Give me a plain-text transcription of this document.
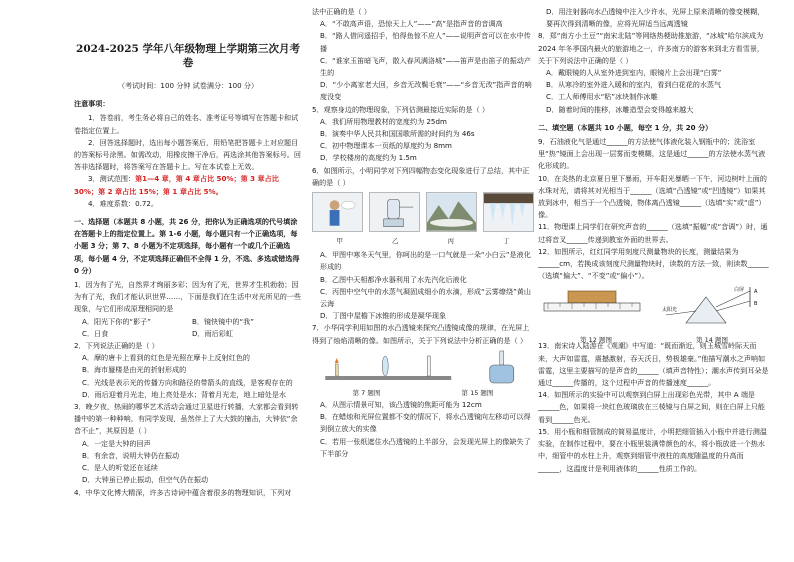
2024-2025 学年八年级物理上学期第三次月考卷
（考试时间：100 分钟 试卷满分：100 分）
注意事项：

1．答卷前，考生务必将自己的姓名、准考证号等填写在答题卡和试卷指定位置上。

2．回答选择题时，选出每小题答案后，用铅笔把答题卡上对应题目的答案标号涂黑。如需改动，用橡皮擦干净后，再选涂其他答案标号。回答非选择题时，将答案写在答题卡上。写在本试卷上无效。

3．测试范围：第1—4 章，第 4 章占比 50%；第 3 章占比 30%；第 2 章占比 15%；第 1 章占比 5%。

4．难度系数：0.72。

一、选择题（本题共 8 小题，共 26 分，把你认为正确选项的代号填涂在答题卡上的指定位置上。第 1-6 小题，每小题只有一个正确选项，每小题 3 分；第 7、8 小题为不定项选择，每小题有一个或几个正确选项，每小题 4 分，不定项选择正确但不全得 1 分，不选、多选或错选得 0 分）

1．因为有了光，自然界才绚丽多彩；因为有了光，世界才生机勃勃；因为有了光，我们才能认识世界……，下面是我们在生活中对光所见的一些现象，与它们形成原理相同的是

A．阳光下你的“影子”	B．镜快镜中的“我”
C．日食	D．雨后彩虹

2．下列说法正确的是（ ）

A．摩的唐卡上看到的红色是光照在摩卡上反射红色的

B．海市蜃楼是由光的折射形成的

C．光线是表示光的传播方向和路径的带箭头的直线，是客观存在的

D．雨后迎着月光走，地上亮处是水；背着月光走，地上暗处是水

3．晚夕夜，热闹的哪华艺术活动会通过卫星进行转播，大家都会看到转播中的第一种种响，有同学发现，虽然伴上了大大鼓的撞击，大钟依“余音不止”，其原因是（ ）

A．一定是大钟的回声

B．有余音，说明大钟仍在振动

C．是人的听觉还在延续

D．大钟虽已停止振动，但空气仍在振动

4．中华文化博大精深，许多古诗词中蕴含着很多的物理知识，下列对

法中正确的是（ ）

A．“不敢高声语，恐惊天上人”——“高”是指声音的音调高

B．“路人借问遥招手，怕得鱼惊不应人”——说明声音可以在水中传播

C．“谁家玉笛暗飞声，散入春风满洛城”——笛声是由笛子的振动产生的

D．“少小离家老大回，乡音无改鬓毛衰”——“乡音无改”指声音的响度没变

5．观察身边的物理现象，下列估测最接近实际的是（ ）

A．我们所用物理教材的宽度约为 25dm

B．演奏中华人民共和国国歌所需的时间约为 46s

C．初中物理课本一页纸的厚度约为 8mm

D．学校楼房的高度约为 1.5m

6．如图所示，小明同学对下列四幅物态变化现象进行了总结，其中正确的是（ ）

甲	乙	丙	丁

A．甲图中寒冬天气里，你呵出的是一口气就是一朵“小白云”是液化形成的

B．乙图中天相都净水器利用了水先汽化后液化

C．丙图中空气中的水蒸气凝固成细小的水滴，形成“云雾缭绕”黄山云海

D．丁图中屋檐下冰锥的形成是凝华现象

7．小华同学利用如图的水凸透镜来探究凸透镜成像的规律，在光屏上得到了烛焰清晰的像。如图所示，关于下列说法中分析正确的是（ ）

第 7 题图	第 15 题图

A．从图示情景可知，该凸透镜的焦距可能为 12cm

B．在蜡烛和光屏位置都不变的情况下，将水凸透镜向左移动可以得到倒立放大的实像

C．若用一张纸遮住水凸透镜的上半部分，会发现光屏上的像缺失了下半部分

D．用注射器向水凸透镜中注入少许水，光屏上原来清晰的像变模糊，要再次得到清晰的像，应将光屏适当远离透镜

8．郑“南方小土豆”“南宋北陆”等网络热梗助推旅游，“冰城”哈尔滨成为 2024 年冬季国内最火的旅游地之一，许多南方的游客来到北方看雪景，关于下列说法中正确的是（ ）

A．戴眼镜的人从室外进到室内，眼镜片上会出现“白雾”

B．从寒冷的室外进入暖和的室内，看到白花花的水蒸气

C．工人师傅用水“粘”冰块制作冰雕

D．随着时间的推移，冰雕造型会变得越来越大

二、填空题（本题共 10 小题，每空 1 分，共 20 分）

9．石油液化气是通过______的方法使气体液化装入钢瓶中的；洗浴室里“热”镜面上会出现一层雾而变模糊，这是通过______的方法使水蒸气液化形成的。

10．在炎热的北京夏日里下暴雨，开车阳光暴晒一下午，河边树叶上面的水珠对光，请将其对光相当于______（选填“凸透镜”或“凹透镜”）如果其放到冰中，相当于一个凸透镜，物体离凸透镜______（选填“实”或“虚”）像。

11．物理课上同学们在研究声音的______（选填“振幅”或“音调”）时，通过将音叉______传递到教室外面的世界去。

12．如图所示，红红同学用刻度尺测量物块的长度，测量结果为______cm，若换成该刻度尺测量物块时，读数的方法一致，则读数______（选填“偏大”、“不变”或“偏小”）。

白屏 A
太阳光
B
第 12 题图	第 14 题图

13．南宋诗人陆游在《观潮》中写道：“既而渐近，则玉城雪岭际天而来，大声如雷霆，震撼激射，吞天沃日，势极雄豪。”他描写潮水之声响如雷霆，这里主要描写的是声音的______（填声音特性）；潮水声传到耳朵是通过______传播的，这个过程中声音的传播速度______。

14．如图所示的实验中可以观察到白屏上出现彩色光带，其中 A 端是______色，如果将一块红色玻璃放在三棱镜与白屏之间，则在白屏上只能看到______色光。

15．用小瓶和细管制成的简易温度计，小明把细管插入小瓶中并进行测温实验，在制作过程中，要在小瓶里装满带颜色的水，将小瓶放进一个热水中，细管中的水柱上升，观察到细管中液柱的高度随温度的升高而______，这温度计是利用液体的______性质工作的。
